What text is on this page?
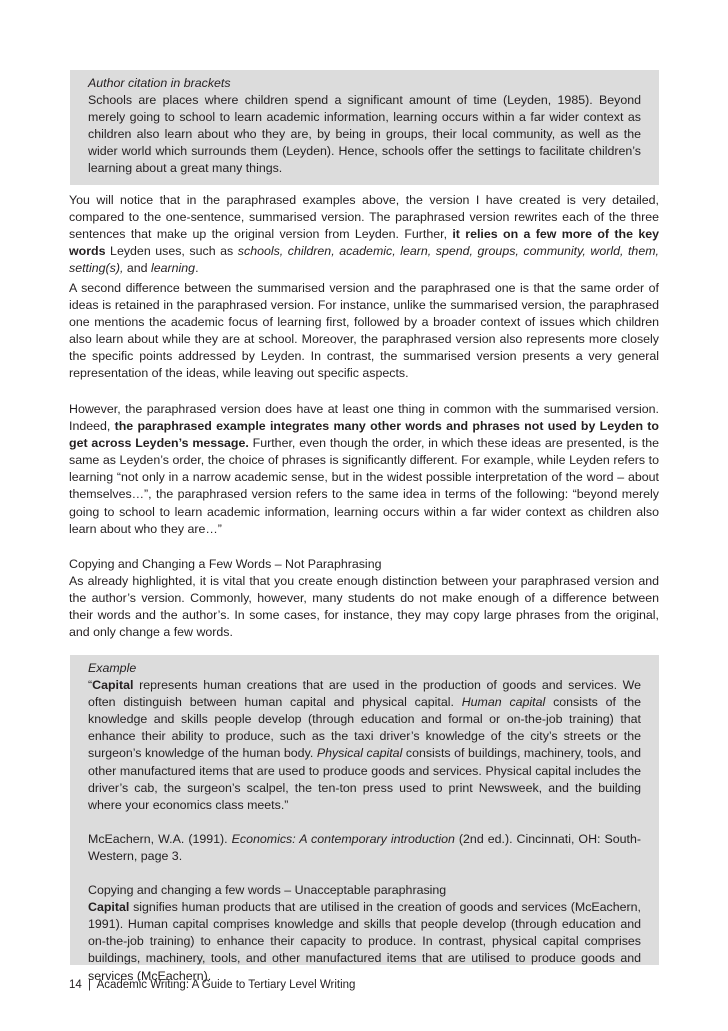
Author citation in brackets

Schools are places where children spend a significant amount of time (Leyden, 1985). Beyond merely going to school to learn academic information, learning occurs within a far wider context as children also learn about who they are, by being in groups, their local community, as well as the wider world which surrounds them (Leyden). Hence, schools offer the settings to facilitate children’s learning about a great many things.

You will notice that in the paraphrased examples above, the version I have created is very detailed, compared to the one-sentence, summarised version. The paraphrased version rewrites each of the three sentences that make up the original version from Leyden. Further, it relies on a few more of the key words Leyden uses, such as schools, children, academic, learn, spend, groups, community, world, them, setting(s), and learning.

A second difference between the summarised version and the paraphrased one is that the same order of ideas is retained in the paraphrased version. For instance, unlike the summarised version, the paraphrased one mentions the academic focus of learning first, followed by a broader context of issues which children also learn about while they are at school. Moreover, the paraphrased version also represents more closely the specific points addressed by Leyden. In contrast, the summarised version presents a very general representation of the ideas, while leaving out specific aspects.

However, the paraphrased version does have at least one thing in common with the summarised version. Indeed, the paraphrased example integrates many other words and phrases not used by Leyden to get across Leyden’s message. Further, even though the order, in which these ideas are presented, is the same as Leyden’s order, the choice of phrases is significantly different. For example, while Leyden refers to learning “not only in a narrow academic sense, but in the widest possible interpretation of the word – about themselves…”, the paraphrased version refers to the same idea in terms of the following: “beyond merely going to school to learn academic information, learning occurs within a far wider context as children also learn about who they are…”

Copying and Changing a Few Words – Not Paraphrasing

As already highlighted, it is vital that you create enough distinction between your paraphrased version and the author’s version. Commonly, however, many students do not make enough of a difference between their words and the author’s. In some cases, for instance, they may copy large phrases from the original, and only change a few words.

Example

“Capital represents human creations that are used in the production of goods and services. We often distinguish between human capital and physical capital. Human capital consists of the knowledge and skills people develop (through education and formal or on-the-job training) that enhance their ability to produce, such as the taxi driver’s knowledge of the city’s streets or the surgeon’s knowledge of the human body. Physical capital consists of buildings, machinery, tools, and other manufactured items that are used to produce goods and services. Physical capital includes the driver’s cab, the surgeon’s scalpel, the ten-ton press used to print Newsweek, and the building where your economics class meets.”

McEachern, W.A. (1991). Economics: A contemporary introduction (2nd ed.). Cincinnati, OH: South-Western, page 3.

Copying and changing a few words – Unacceptable paraphrasing

Capital signifies human products that are utilised in the creation of goods and services (McEachern, 1991). Human capital comprises knowledge and skills that people develop (through education and on-the-job training) to enhance their capacity to produce. In contrast, physical capital comprises buildings, machinery, tools, and other manufactured items that are utilised to produce goods and services (McEachern).

14 | Academic Writing: A Guide to Tertiary Level Writing
